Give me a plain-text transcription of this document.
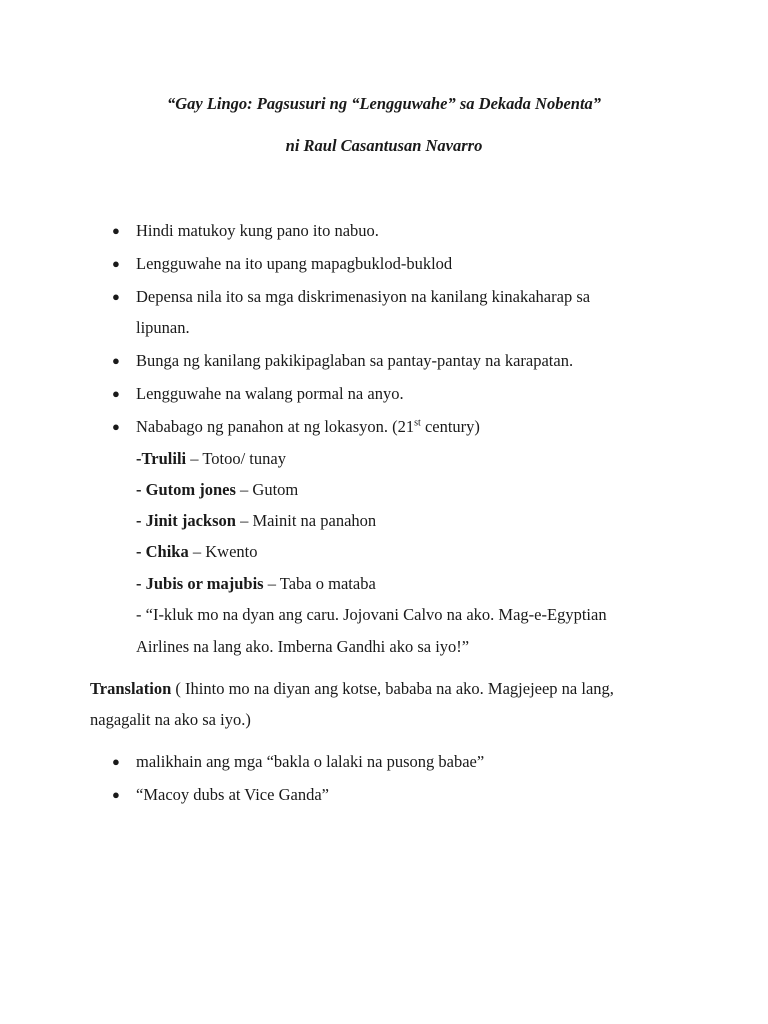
“Gay Lingo: Pagsusuri ng “Lengguwahe” sa Dekada Nobenta”
ni Raul Casantusan Navarro
● Hindi matukoy kung pano ito nabuo.
● Lengguwahe na ito upang mapagbuklod-buklod
● Depensa nila ito sa mga diskrimenasiyon na kanilang kinakaharap sa
lipunan.
● Bunga ng kanilang pakikipaglaban sa pantay-pantay na karapatan.
● Lengguwahe na walang pormal na anyo.
● Nababago ng panahon at ng lokasyon. (21st century)
-Trulili – Totoo/ tunay
- Gutom jones – Gutom
- Jinit jackson – Mainit na panahon
- Chika – Kwento
- Jubis or majubis – Taba o mataba
- “I-kluk mo na dyan ang caru. Jojovani Calvo na ako. Mag-e-Egyptian
Airlines na lang ako. Imberna Gandhi ako sa iyo!”
Translation ( Ihinto mo na diyan ang kotse, bababa na ako. Magjejeep na lang,
nagagalit na ako sa iyo.)
● malikhain ang mga “bakla o lalaki na pusong babae”
● “Macoy dubs at Vice Ganda”
